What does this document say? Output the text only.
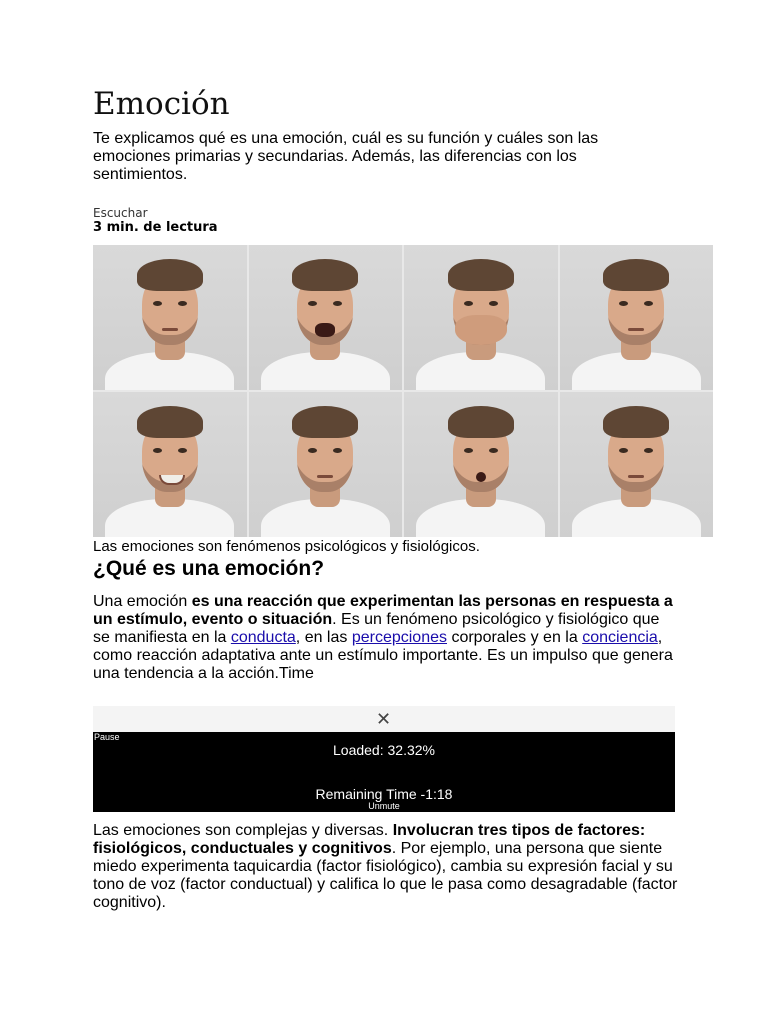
Emoción

Te explicamos qué es una emoción, cuál es su función y cuáles son las emociones primarias y secundarias. Además, las diferencias con los sentimientos.

Escuchar
3 min. de lectura
Las emociones son fenómenos psicológicos y fisiológicos.
¿Qué es una emoción?

Una emoción es una reacción que experimentan las personas en respuesta a un estímulo, evento o situación. Es un fenómeno psicológico y fisiológico que se manifiesta en la conducta, en las percepciones corporales y en la conciencia, como reacción adaptativa ante un estímulo importante. Es un impulso que genera una tendencia a la acción.Time

✕
Pause
Loaded: 32.32%
Remaining Time -1:18
Unmute

Las emociones son complejas y diversas. Involucran tres tipos de factores: fisiológicos, conductuales y cognitivos. Por ejemplo, una persona que siente miedo experimenta taquicardia (factor fisiológico), cambia su expresión facial y su tono de voz (factor conductual) y califica lo que le pasa como desagradable (factor cognitivo).
